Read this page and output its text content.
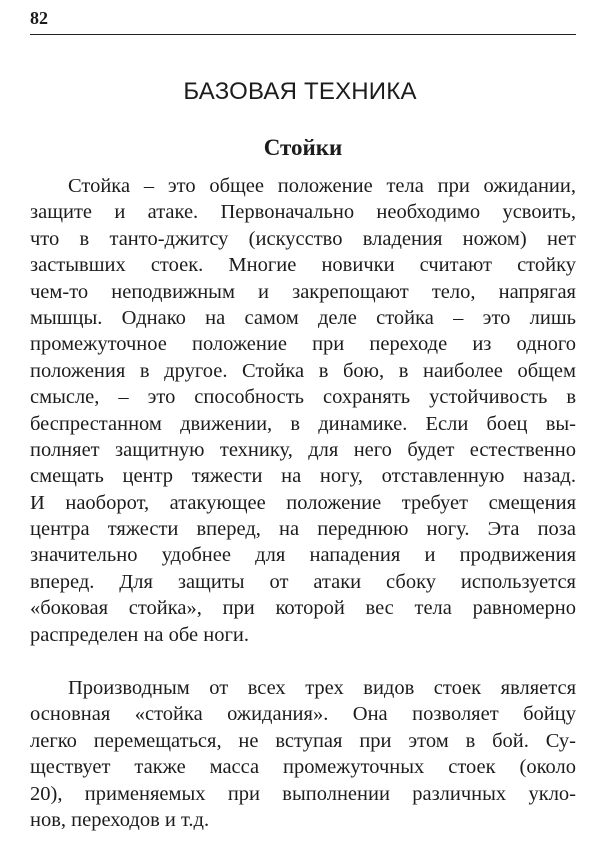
82
БАЗОВАЯ ТЕХНИКА
Стойки
Стойка – это общее положение тела при ожидании,
защите и атаке. Первоначально необходимо усвоить,
что в танто-джитсу (искусство владения ножом) нет
застывших стоек. Многие новички считают стойку
чем-то неподвижным и закрепощают тело, напрягая
мышцы. Однако на самом деле стойка – это лишь
промежуточное положение при переходе из одного
положения в другое. Стойка в бою, в наиболее общем
смысле, – это способность сохранять устойчивость в
беспрестанном движении, в динамике. Если боец вы-
полняет защитную технику, для него будет естественно
смещать центр тяжести на ногу, отставленную назад.
И наоборот, атакующее положение требует смещения
центра тяжести вперед, на переднюю ногу. Эта поза
значительно удобнее для нападения и продвижения
вперед. Для защиты от атаки сбоку используется
«боковая стойка», при которой вес тела равномерно
распределен на обе ноги.
Производным от всех трех видов стоек является
основная «стойка ожидания». Она позволяет бойцу
легко перемещаться, не вступая при этом в бой. Су-
ществует также масса промежуточных стоек (около
20), применяемых при выполнении различных укло-
нов, переходов и т.д.
